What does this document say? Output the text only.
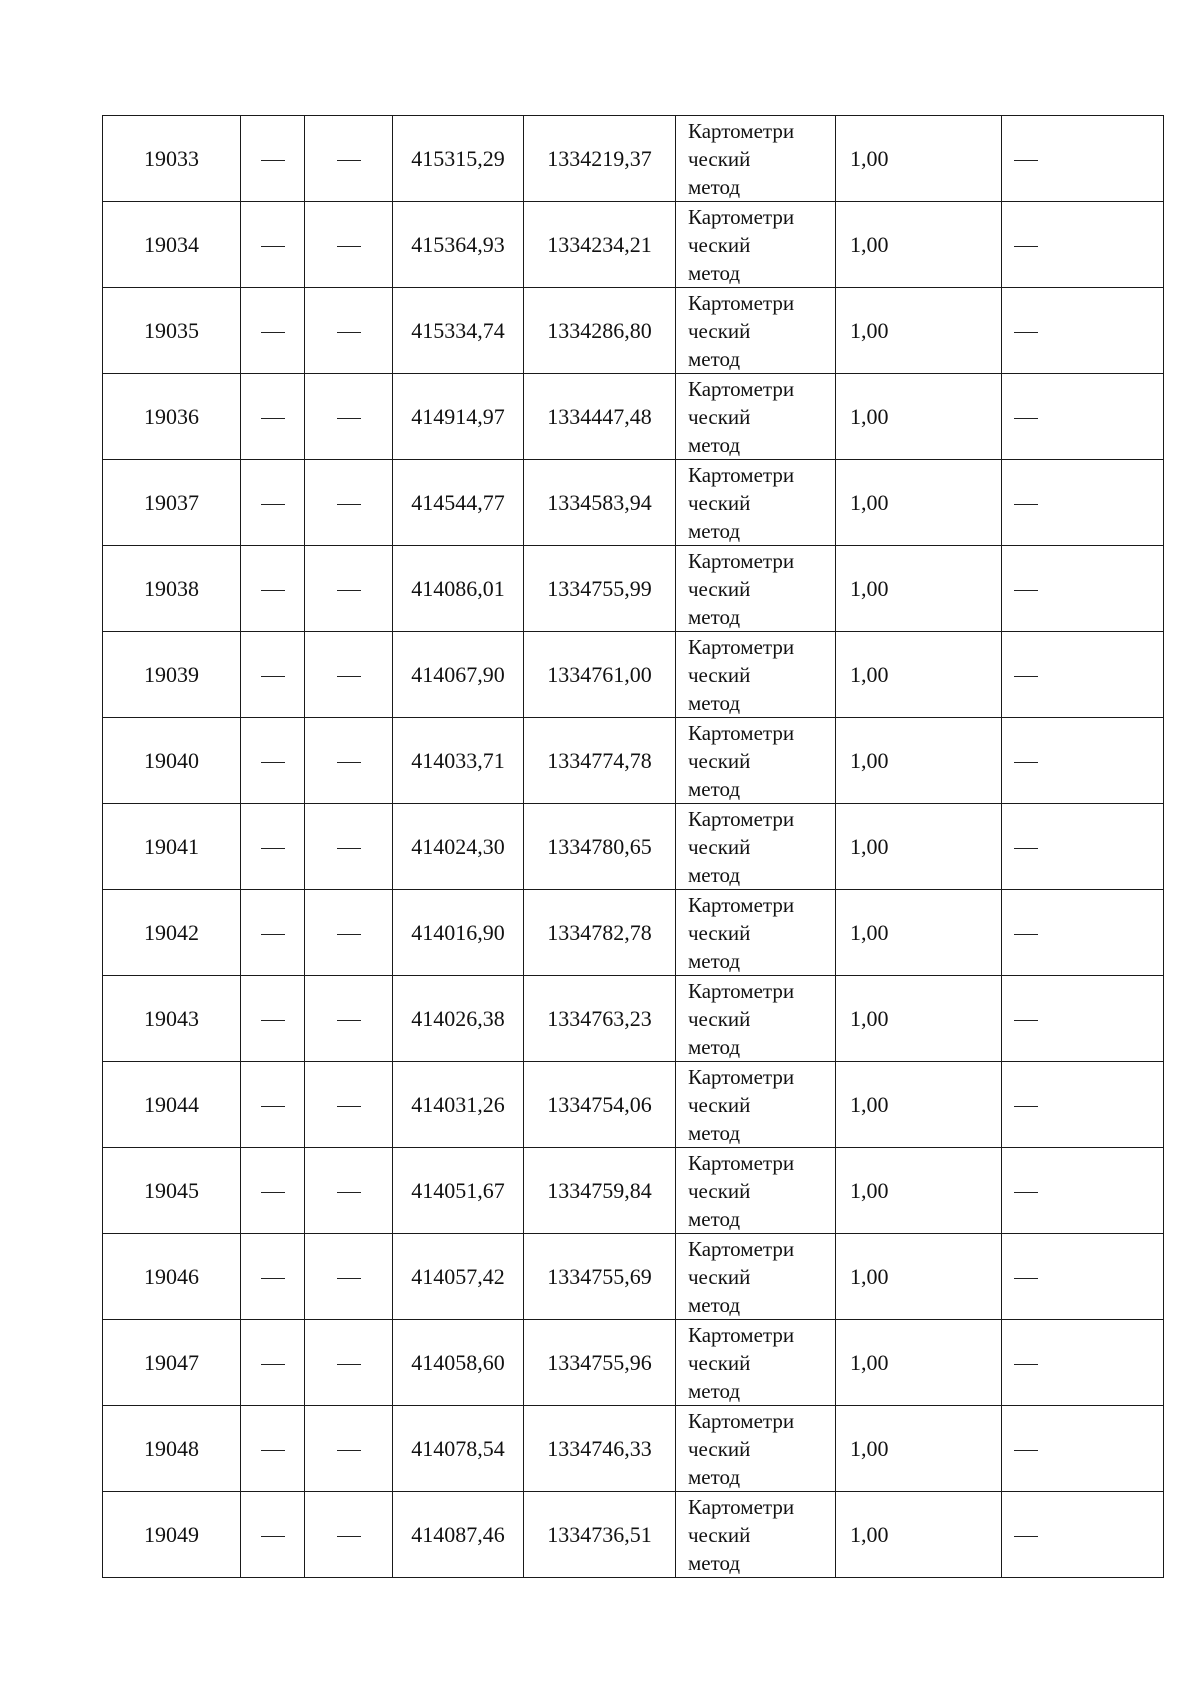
19033			415315,29	1334219,37	Картометри
ческий
метод	1,00	

19034			415364,93	1334234,21	Картометри
ческий
метод	1,00	

19035			415334,74	1334286,80	Картометри
ческий
метод	1,00	

19036			414914,97	1334447,48	Картометри
ческий
метод	1,00	

19037			414544,77	1334583,94	Картометри
ческий
метод	1,00	

19038			414086,01	1334755,99	Картометри
ческий
метод	1,00	

19039			414067,90	1334761,00	Картометри
ческий
метод	1,00	

19040			414033,71	1334774,78	Картометри
ческий
метод	1,00	

19041			414024,30	1334780,65	Картометри
ческий
метод	1,00	

19042			414016,90	1334782,78	Картометри
ческий
метод	1,00	

19043			414026,38	1334763,23	Картометри
ческий
метод	1,00	

19044			414031,26	1334754,06	Картометри
ческий
метод	1,00	

19045			414051,67	1334759,84	Картометри
ческий
метод	1,00	

19046			414057,42	1334755,69	Картометри
ческий
метод	1,00	

19047			414058,60	1334755,96	Картометри
ческий
метод	1,00	

19048			414078,54	1334746,33	Картометри
ческий
метод	1,00	

19049			414087,46	1334736,51	Картометри
ческий
метод	1,00	
